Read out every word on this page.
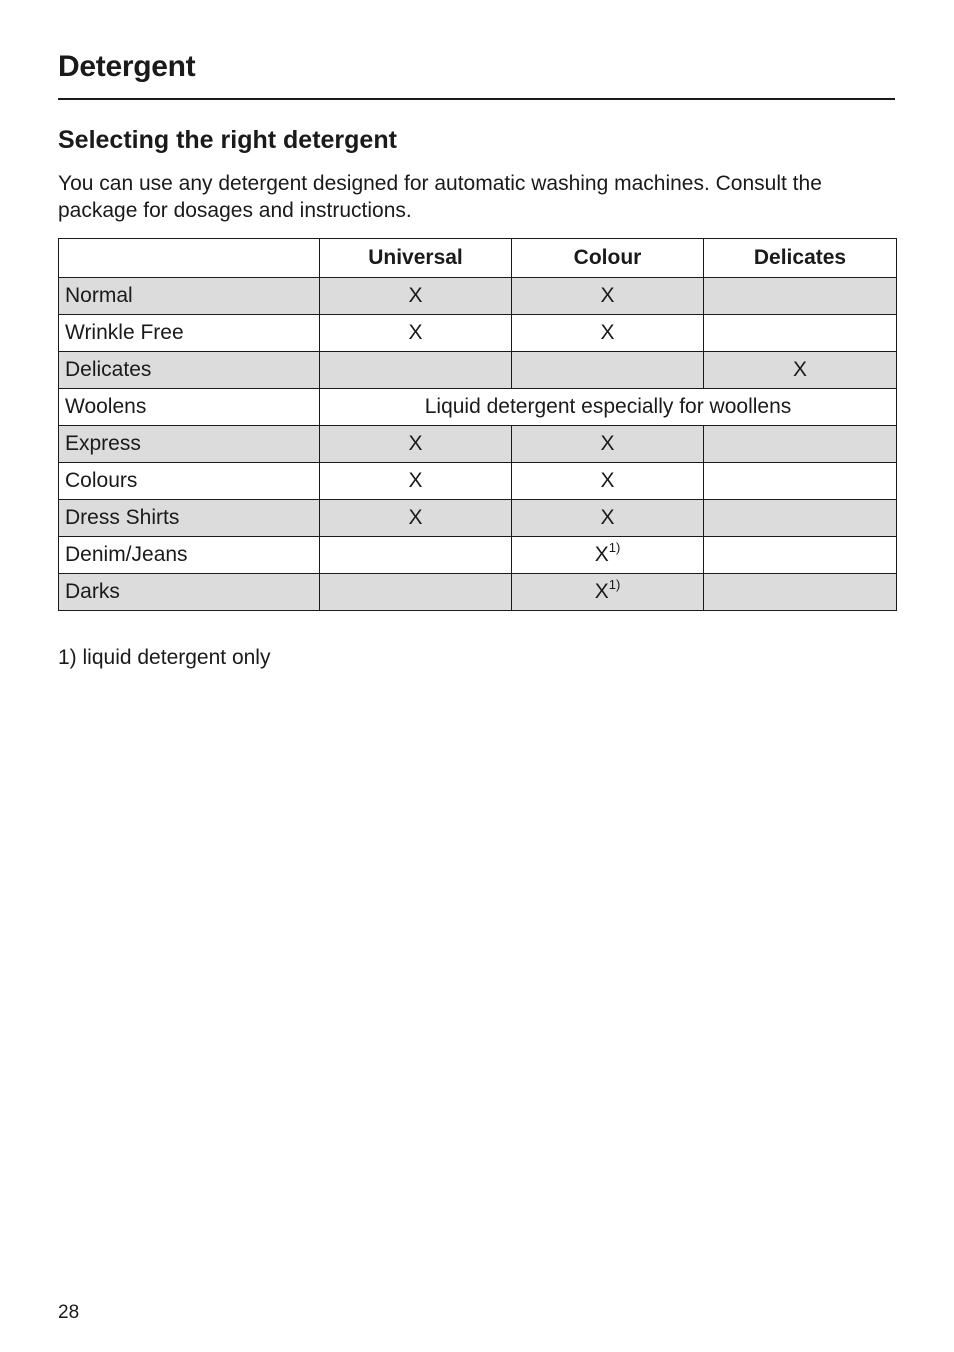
Detergent
Selecting the right detergent

You can use any detergent designed for automatic washing machines. Consult the package for dosages and instructions.

	Universal	Colour	Delicates
Normal	X	X	
Wrinkle Free	X	X	
Delicates			X
Woolens	Liquid detergent especially for woollens		
Express	X	X	
Colours	X	X	
Dress Shirts	X	X	
Denim/Jeans		$X^{1)}$	
Darks		$X^{1)}$	

1) liquid detergent only

28
